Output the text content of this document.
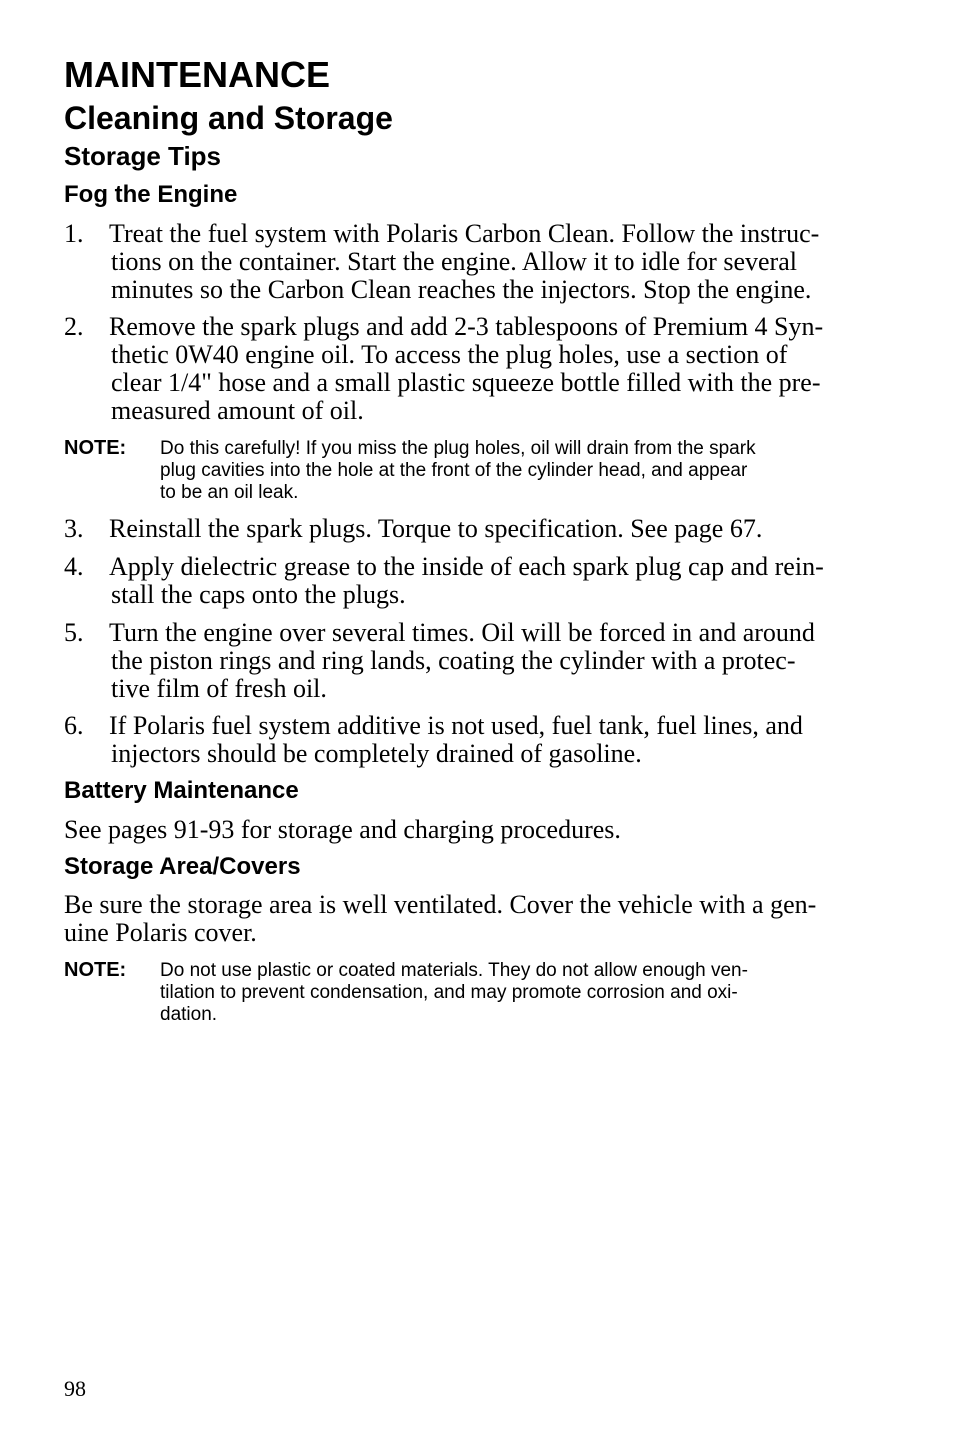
MAINTENANCE
Cleaning and Storage
Storage Tips
Fog the Engine
1. Treat the fuel system with Polaris Carbon Clean. Follow the instruc-
tions on the container. Start the engine. Allow it to idle for several
minutes so the Carbon Clean reaches the injectors. Stop the engine.
2. Remove the spark plugs and add 2-3 tablespoons of Premium 4 Syn-
thetic 0W40 engine oil. To access the plug holes, use a section of
clear 1/4" hose and a small plastic squeeze bottle filled with the pre-
measured amount of oil.
NOTE: Do this carefully! If you miss the plug holes, oil will drain from the spark
plug cavities into the hole at the front of the cylinder head, and appear
to be an oil leak.
3. Reinstall the spark plugs. Torque to specification. See page 67.
4. Apply dielectric grease to the inside of each spark plug cap and rein-
stall the caps onto the plugs.
5. Turn the engine over several times. Oil will be forced in and around
the piston rings and ring lands, coating the cylinder with a protec-
tive film of fresh oil.
6. If Polaris fuel system additive is not used, fuel tank, fuel lines, and
injectors should be completely drained of gasoline.
Battery Maintenance

See pages 91-93 for storage and charging procedures.

Storage Area/Covers
Be sure the storage area is well ventilated. Cover the vehicle with a gen-
uine Polaris cover.
NOTE: Do not use plastic or coated materials. They do not allow enough ven-
tilation to prevent condensation, and may promote corrosion and oxi-
dation.
98
